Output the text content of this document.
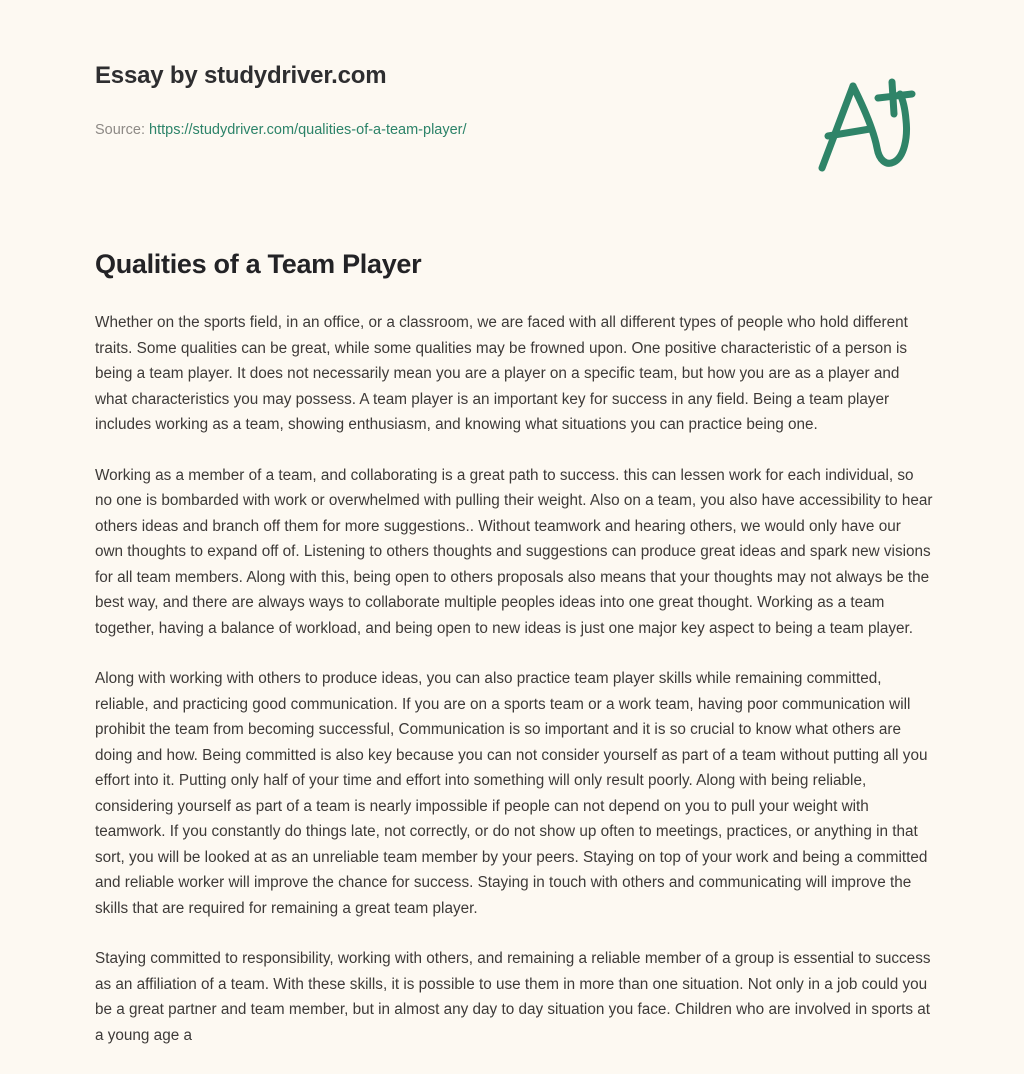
Essay by studydriver.com
Source: https://studydriver.com/qualities-of-a-team-player/
Qualities of a Team Player

Whether on the sports field, in an office, or a classroom, we are faced with all different types of people who hold different traits. Some qualities can be great, while some qualities may be frowned upon. One positive characteristic of a person is being a team player. It does not necessarily mean you are a player on a specific team, but how you are as a player and what characteristics you may possess. A team player is an important key for success in any field. Being a team player includes working as a team, showing enthusiasm, and knowing what situations you can practice being one.

Working as a member of a team, and collaborating is a great path to success. this can lessen work for each individual, so no one is bombarded with work or overwhelmed with pulling their weight. Also on a team, you also have accessibility to hear others ideas and branch off them for more suggestions.. Without teamwork and hearing others, we would only have our own thoughts to expand off of. Listening to others thoughts and suggestions can produce great ideas and spark new visions for all team members. Along with this, being open to others proposals also means that your thoughts may not always be the best way, and there are always ways to collaborate multiple peoples ideas into one great thought. Working as a team together, having a balance of workload, and being open to new ideas is just one major key aspect to being a team player.

Along with working with others to produce ideas, you can also practice team player skills while remaining committed, reliable, and practicing good communication. If you are on a sports team or a work team, having poor communication will prohibit the team from becoming successful, Communication is so important and it is so crucial to know what others are doing and how. Being committed is also key because you can not consider yourself as part of a team without putting all you effort into it. Putting only half of your time and effort into something will only result poorly. Along with being reliable, considering yourself as part of a team is nearly impossible if people can not depend on you to pull your weight with teamwork. If you constantly do things late, not correctly, or do not show up often to meetings, practices, or anything in that sort, you will be looked at as an unreliable team member by your peers. Staying on top of your work and being a committed and reliable worker will improve the chance for success. Staying in touch with others and communicating will improve the skills that are required for remaining a great team player.

Staying committed to responsibility, working with others, and remaining a reliable member of a group is essential to success as an affiliation of a team. With these skills, it is possible to use them in more than one situation. Not only in a job could you be a great partner and team member, but in almost any day to day situation you face. Children who are involved in sports at a young age a
